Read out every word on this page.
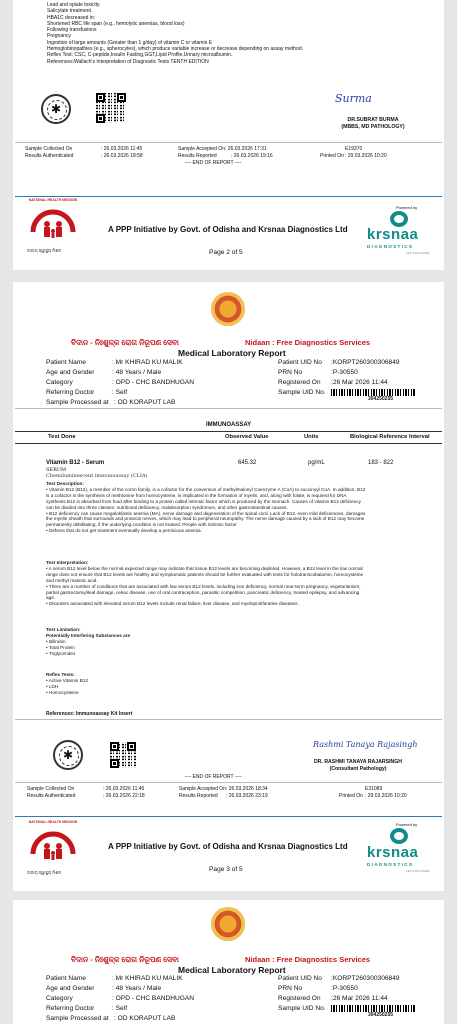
Lead and opiate toxicity.
Salicylate treatment.
HBA1C decreased in:
Shortened RBC life span (e.g., hemolytic anemias, blood loss)
Following transfusions
Pregnancy
Ingestion of large amounts (Greater than 1 g/day) of vitamin C or vitamin E
Hemoglobinopathies (e.g., spherocytes), which produce variable increase or decrease depending on assay method.
Reflex Test: CSC, C-peptide,Insulin Fasting,GGT,Lipid Profile,Urinary microalbumin.
References:Wallach's Interpretation of Diagnostic Tests TENTH EDITION
✱
Surma
DR.SUBRAT BURMA
(MBBS, MD PATHOLOGY)
Sample Collected On	: 26.03.2026 11:45
Results Authenticated	: 26.03.2026 18:58
Sample Accepted On : 26.03.2026 17:31
Results Reported	: 26.03.2026 19:16
E19370
Printed On : 29.03.2026 10:20
---- END OF REPORT ----
NATIONAL HEALTH MISSION
ଜାତୀୟ ସ୍ୱାସ୍ଥ୍ୟ ମିଶନ
A PPP Initiative by Govt. of Odisha and Krsnaa Diagnostics Ltd
Powered by
krsnaa
DIAGNOSTICS
LET'S DO MORE
Page 2 of 5
ବିଦାନ - ନିଃଶୁଳ୍କ ରୋଗ ନିରୂପଣ ସେବା	Nidaan : Free Diagnostics Services
Medical Laboratory Report
Patient Name	: Mr KHIRAD KU MALIK
Age and Gender	: 48 Years / Male
Category	: OPD - CHC BANDHUGAN
Referring Doctor	: Self
Sample Processed at : OD KORAPUT LAB
Patient UID No :KORPT260300306849
PRN No	:P-30550
Registered On :26 Mar 2026 11:44
Sample UID No.
304250255
IMMUNOASSAY
Test Done	Observed Value	Units	Biological Reference Interval
Vitamin B12 - Serum
SERUM
Chemiluminescent immunoassay (CLIA)
645.32	pg/mL	183 - 822
Test Description:
• Vitamin B12 (B12), a member of the corrin family, is a cofactor for the conversion of methylmalonyl Coenzyme A (CoA) to succinoyl CoA. In addition, B12
is a cofactor in the synthesis of methionine from homocysteine, is implicated in the formation of myelin, and, along with folate, is required for DNA
synthesis.B12 is absorbed from food after binding to a protein called intrinsic factor which is produced by the stomach. Causes of vitamin B12 deficiency
can be divided into three classes: nutritional deficiency, malabsorption syndromes, and other gastrointestinal causes.
• B12 deficiency can cause megaloblastic anemia (MA), nerve damage and degeneration of the spinal cord. Lack of B12, even mild deficiencies, damages
the myelin sheath that surrounds and protects nerves, which may lead to peripheral neuropathy. The nerve damage caused by a lack of B12 may become
permanently debilitating, if the underlying condition is not treated. People with intrinsic factor
• Defects that do not get treatment eventually develop a pernicious anemia.
Test Interpretation:
• A serum B12 level below the normal expected range may indicate that tissue B12 levels are becoming depleted. However, a B12 level in the low normal
range does not ensure that B12 levels are healthy and symptomatic patients should be further evaluated with tests for holotranscobalamin, homocysteine
and methyl malonic acid.
• There are a number of conditions that are associated with low serum B12 levels, including iron deficiency, normal near-term pregnancy, vegetarianism,
partial gastrectomy/ileal damage, celiac disease, use of oral contraception, parasitic competition, pancreatic deficiency, treated epilepsy, and advancing
age.
• Disorders associated with elevated serum B12 levels include renal failure, liver disease, and myeloproliferative diseases.
Test Limitation:
Potentially Interfering Substances are
• Bilirubin
• Total Protein
• Triglycerides
Reflex Tests:
• Active Vitamin B12
• LDH
• Homocysteine
References: Immunoassay Kit Insert
✱
Rashmi Tanaya Rajasingh
DR. RASHMI TANAYA RAJARSINGH
(Consultant Pathology)
---- END OF REPORT ----
Sample Collected On	: 26.03.2026 11:45
Results Authenticated	: 26.03.2026 22:18
Sample Accepted On : 26.03.2026 18:34
Results Reported : 26.03.2026 23:19
E31089
Printed On : 29.03.2026 10:20
NATIONAL HEALTH MISSION
ଜାତୀୟ ସ୍ୱାସ୍ଥ୍ୟ ମିଶନ
A PPP Initiative by Govt. of Odisha and Krsnaa Diagnostics Ltd
Powered by
krsnaa
DIAGNOSTICS
LET'S DO MORE
Page 3 of 5
ବିଦାନ - ନିଃଶୁଳ୍କ ରୋଗ ନିରୂପଣ ସେବା	Nidaan : Free Diagnostics Services
Medical Laboratory Report
Patient Name	: Mr KHIRAD KU MALIK
Age and Gender	: 48 Years / Male
Category	: OPD - CHC BANDHUGAN
Referring Doctor	: Self
Sample Processed at : OD KORAPUT LAB
Patient UID No :KORPT260300306849
PRN No	:P-30550
Registered On :26 Mar 2026 11:44
Sample UID No.
304250255
